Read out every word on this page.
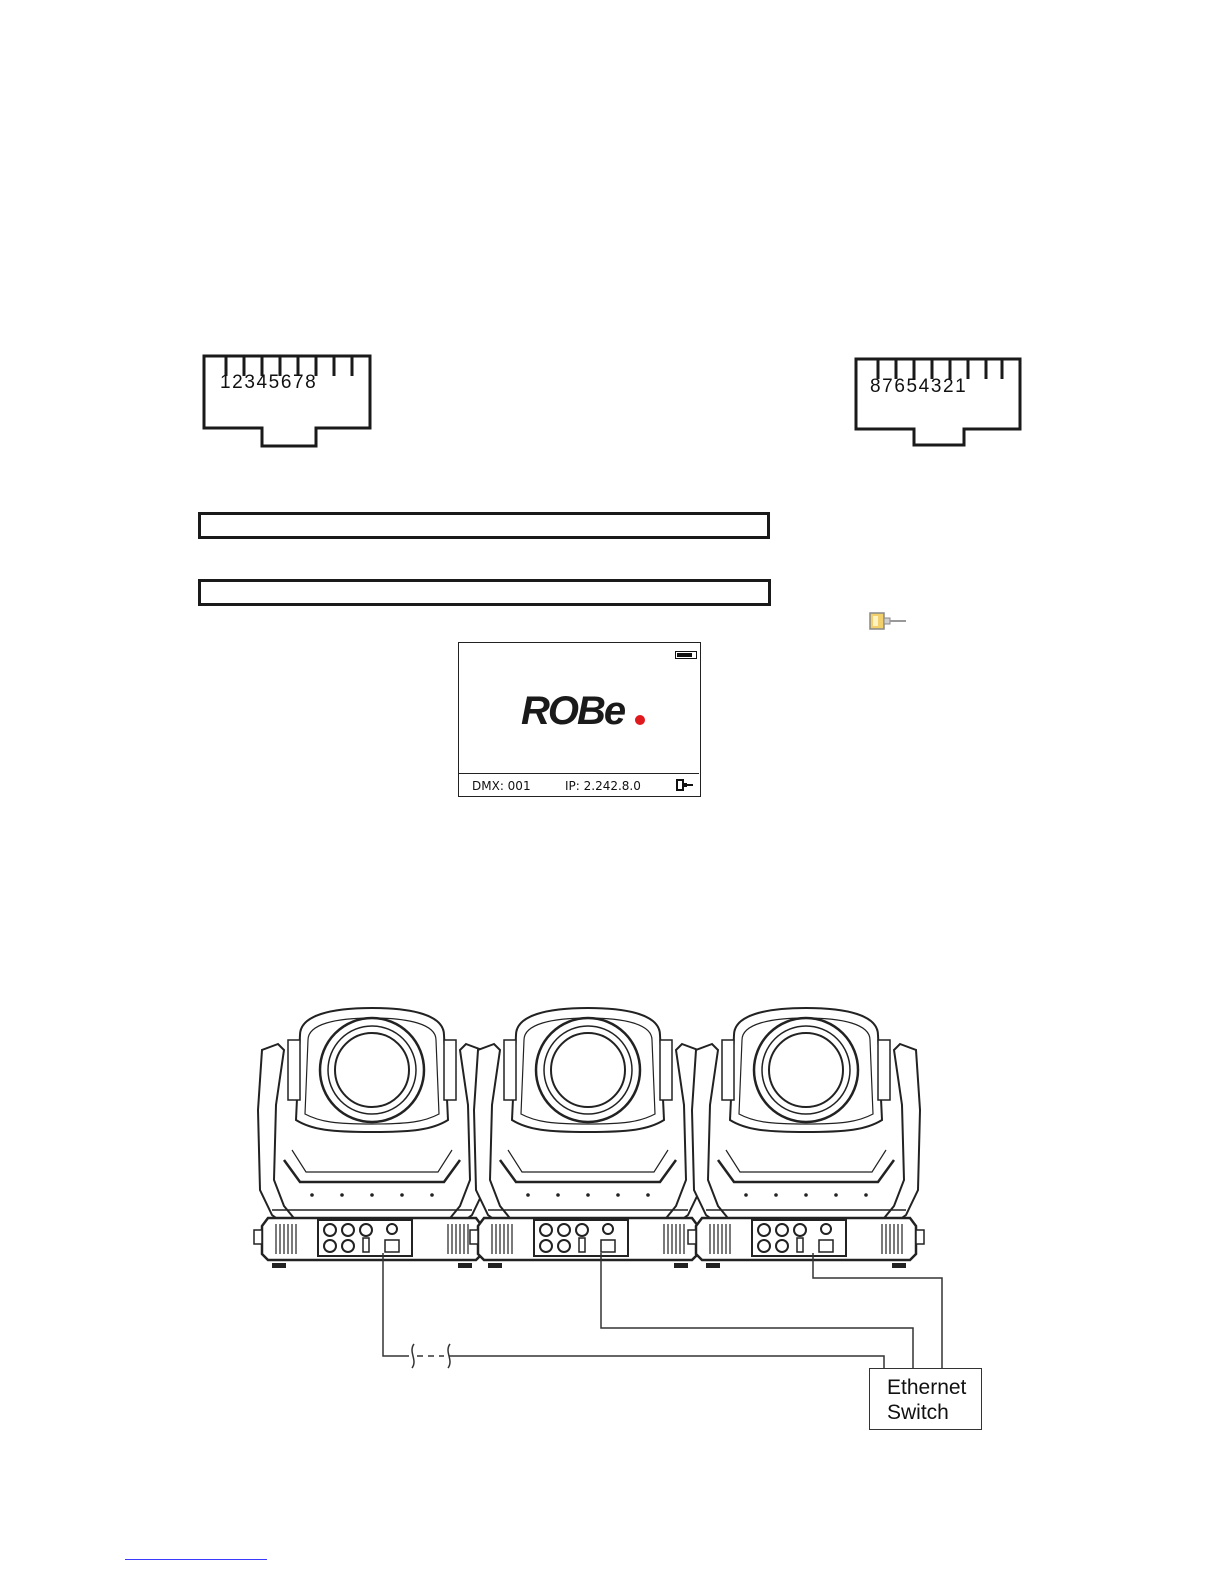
12345678	87654321
ROBe
DMX: 001	IP: 2.242.8.0
Ethernet
Switch
